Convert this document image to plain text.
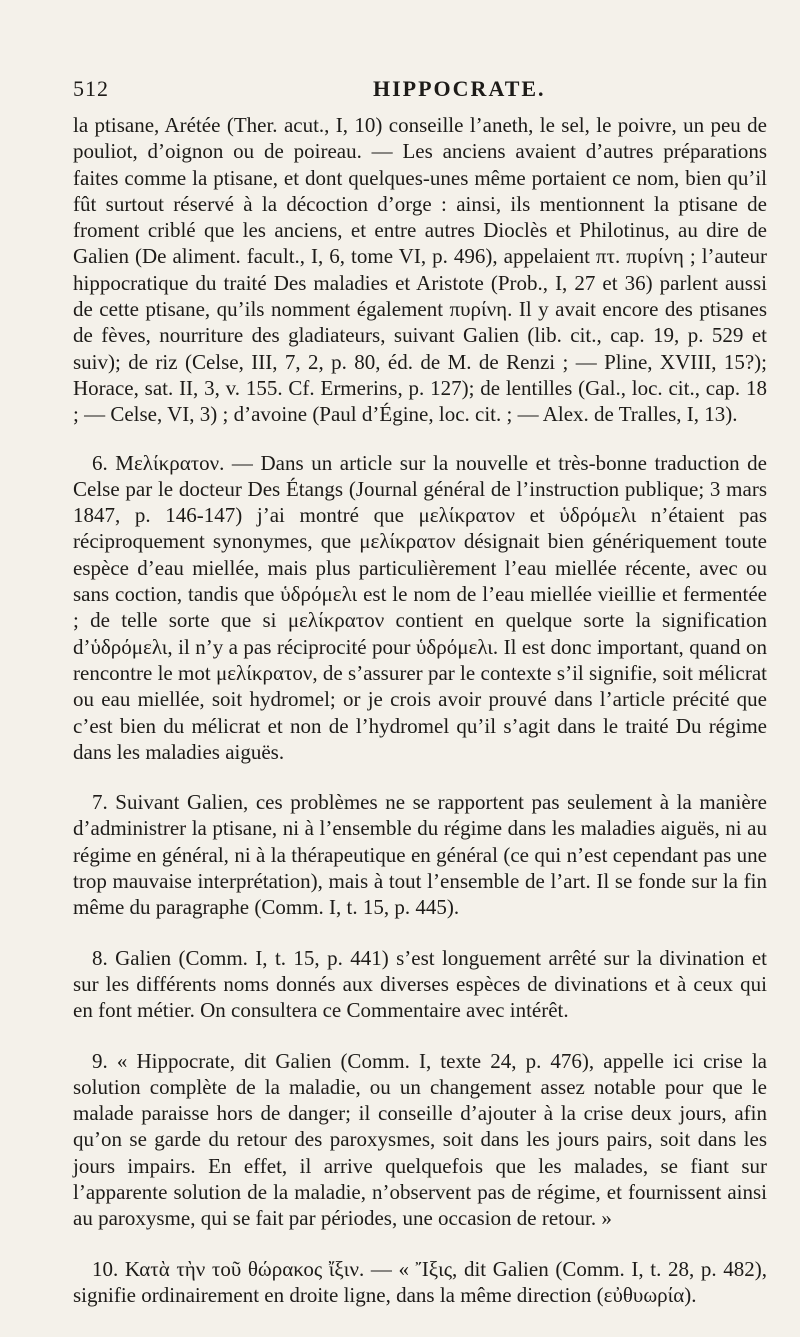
512	HIPPOCRATE.

la ptisane, Arétée (Ther. acut., I, 10) conseille l’aneth, le sel, le poivre, un peu de pouliot, d’oignon ou de poireau. — Les anciens avaient d’autres préparations faites comme la ptisane, et dont quelques-unes même portaient ce nom, bien qu’il fût surtout réservé à la décoction d’orge : ainsi, ils mentionnent la ptisane de froment criblé que les anciens, et entre autres Dioclès et Philotinus, au dire de Galien (De aliment. facult., I, 6, tome VI, p. 496), appelaient πτ. πυρίνη ; l’auteur hippocratique du traité Des maladies et Aristote (Prob., I, 27 et 36) parlent aussi de cette ptisane, qu’ils nomment également πυρίνη. Il y avait encore des ptisanes de fèves, nourriture des gladiateurs, suivant Galien (lib. cit., cap. 19, p. 529 et suiv); de riz (Celse, III, 7, 2, p. 80, éd. de M. de Renzi ; — Pline, XVIII, 15?); Horace, sat. II, 3, v. 155. Cf. Ermerins, p. 127); de lentilles (Gal., loc. cit., cap. 18 ; — Celse, VI, 3) ; d’avoine (Paul d’Égine, loc. cit. ; — Alex. de Tralles, I, 13).

6. Μελίκρατον. — Dans un article sur la nouvelle et très-bonne traduction de Celse par le docteur Des Étangs (Journal général de l’instruction publique; 3 mars 1847, p. 146-147) j’ai montré que μελίκρατον et ὑδρόμελι n’étaient pas réciproquement synonymes, que μελίκρατον désignait bien génériquement toute espèce d’eau miellée, mais plus particulièrement l’eau miellée récente, avec ou sans coction, tandis que ὑδρόμελι est le nom de l’eau miellée vieillie et fermentée ; de telle sorte que si μελίκρατον contient en quelque sorte la signification d’ὑδρόμελι, il n’y a pas réciprocité pour ὑδρόμελι. Il est donc important, quand on rencontre le mot μελίκρατον, de s’assurer par le contexte s’il signifie, soit mélicrat ou eau miellée, soit hydromel; or je crois avoir prouvé dans l’article précité que c’est bien du mélicrat et non de l’hydromel qu’il s’agit dans le traité Du régime dans les maladies aiguës.

7. Suivant Galien, ces problèmes ne se rapportent pas seulement à la manière d’administrer la ptisane, ni à l’ensemble du régime dans les maladies aiguës, ni au régime en général, ni à la thérapeutique en général (ce qui n’est cependant pas une trop mauvaise interprétation), mais à tout l’ensemble de l’art. Il se fonde sur la fin même du paragraphe (Comm. I, t. 15, p. 445).

8. Galien (Comm. I, t. 15, p. 441) s’est longuement arrêté sur la divination et sur les différents noms donnés aux diverses espèces de divinations et à ceux qui en font métier. On consultera ce Commentaire avec intérêt.

9. « Hippocrate, dit Galien (Comm. I, texte 24, p. 476), appelle ici crise la solution complète de la maladie, ou un changement assez notable pour que le malade paraisse hors de danger; il conseille d’ajouter à la crise deux jours, afin qu’on se garde du retour des paroxysmes, soit dans les jours pairs, soit dans les jours impairs. En effet, il arrive quelquefois que les malades, se fiant sur l’apparente solution de la maladie, n’observent pas de régime, et fournissent ainsi au paroxysme, qui se fait par périodes, une occasion de retour. »

10. Κατὰ τὴν τοῦ θώρακος ἴξιν. — « Ἴξις, dit Galien (Comm. I, t. 28, p. 482), signifie ordinairement en droite ligne, dans la même direction (εὐθυωρία).
